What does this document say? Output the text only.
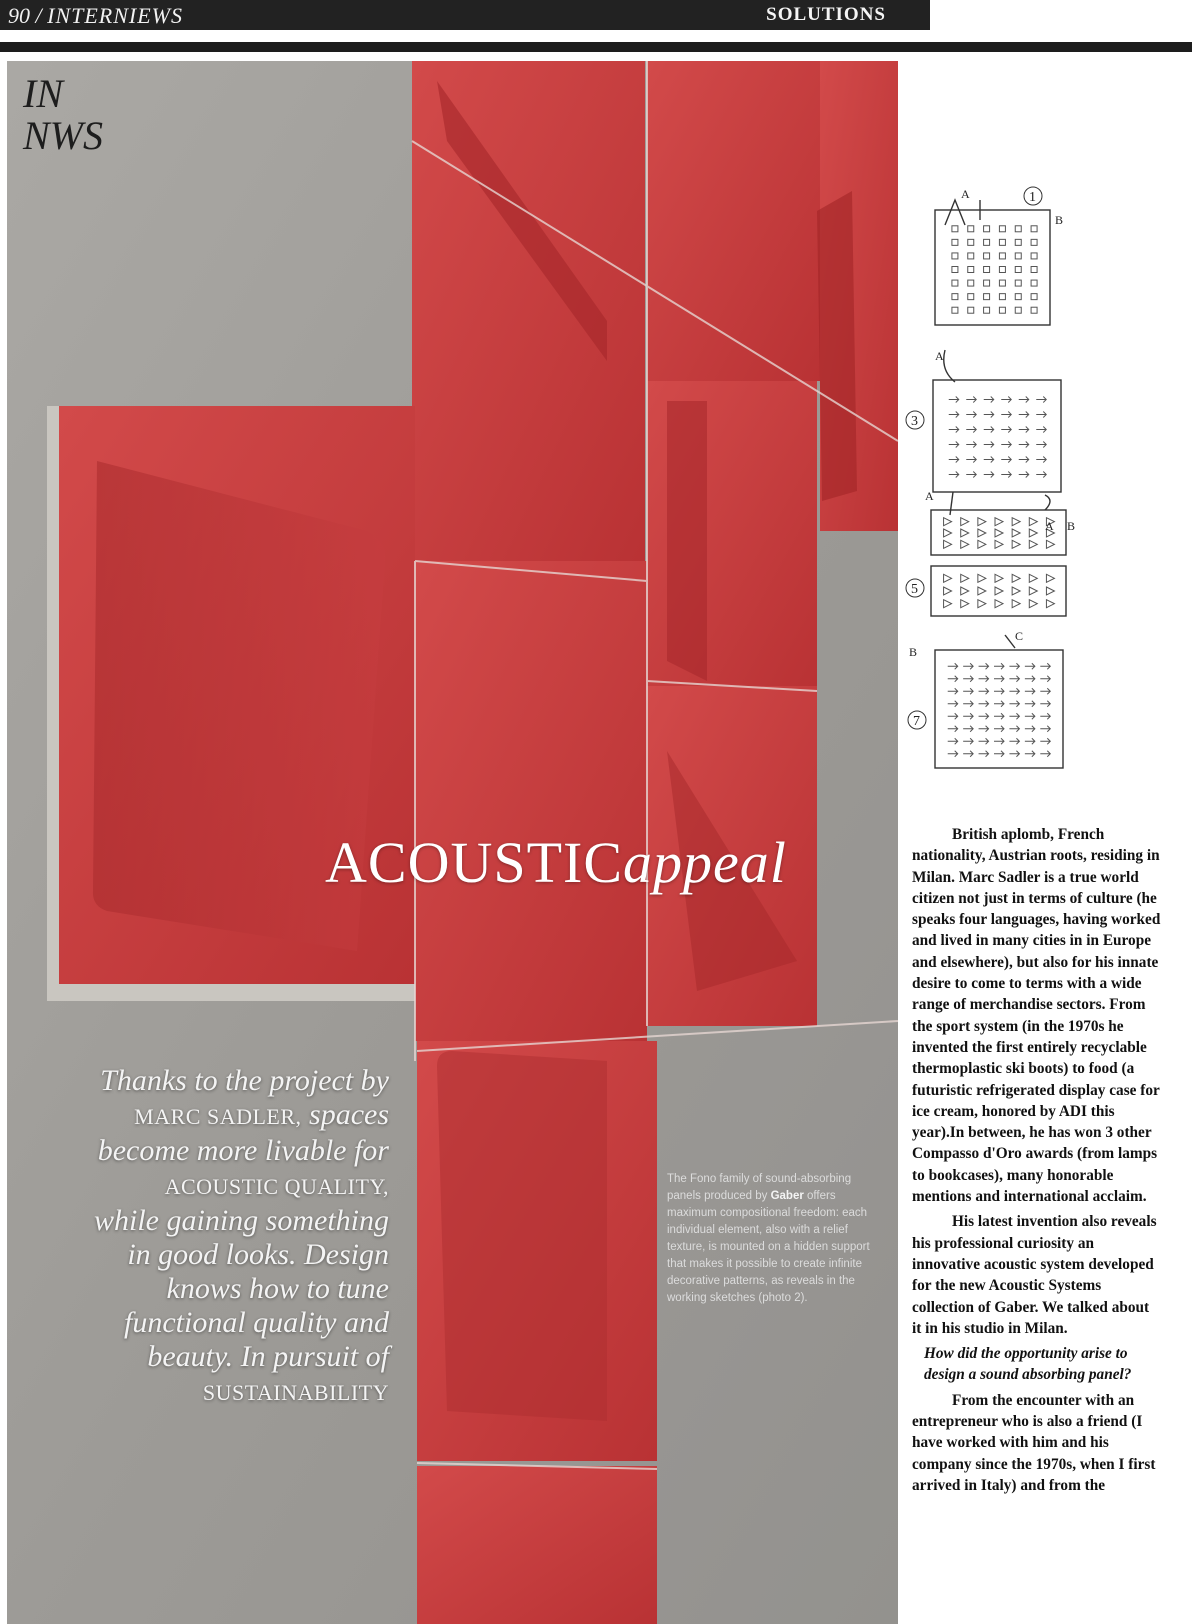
90 / INTERNIEWS	SOLUTIONS
IN
NWS
ACOUSTICappeal

Thanks to the project by
MARC SADLER, spaces
become more livable for
ACOUSTIC QUALITY,
while gaining something
in good looks. Design
knows how to tune
functional quality and
beauty. In pursuit of
SUSTAINABILITY

The Fono family of sound-absorbing panels produced by Gaber offers maximum compositional freedom: each individual element, also with a relief texture, is mounted on a hidden support that makes it possible to create infinite decorative patterns, as reveals in the working sketches (photo 2).

1
3
5
7
A
A
B
A
A B
B
C

British aplomb, French nationality, Austrian roots, residing in Milan. Marc Sadler is a true world citizen not just in terms of culture (he speaks four languages, having worked and lived in many cities in in Europe and elsewhere), but also for his innate desire to come to terms with a wide range of merchandise sectors. From the sport system (in the 1970s he invented the first entirely recyclable thermoplastic ski boots) to food (a futuristic refrigerated display case for ice cream, honored by ADI this year).In between, he has won 3 other Compasso d'Oro awards (from lamps to bookcases), many honorable mentions and international acclaim.

His latest invention also reveals his professional curiosity an innovative acoustic system developed for the new Acoustic Systems collection of Gaber. We talked about it in his studio in Milan.

How did the opportunity arise to design a sound absorbing panel?

From the encounter with an entrepreneur who is also a friend (I have worked with him and his company since the 1970s, when I first arrived in Italy) and from the
